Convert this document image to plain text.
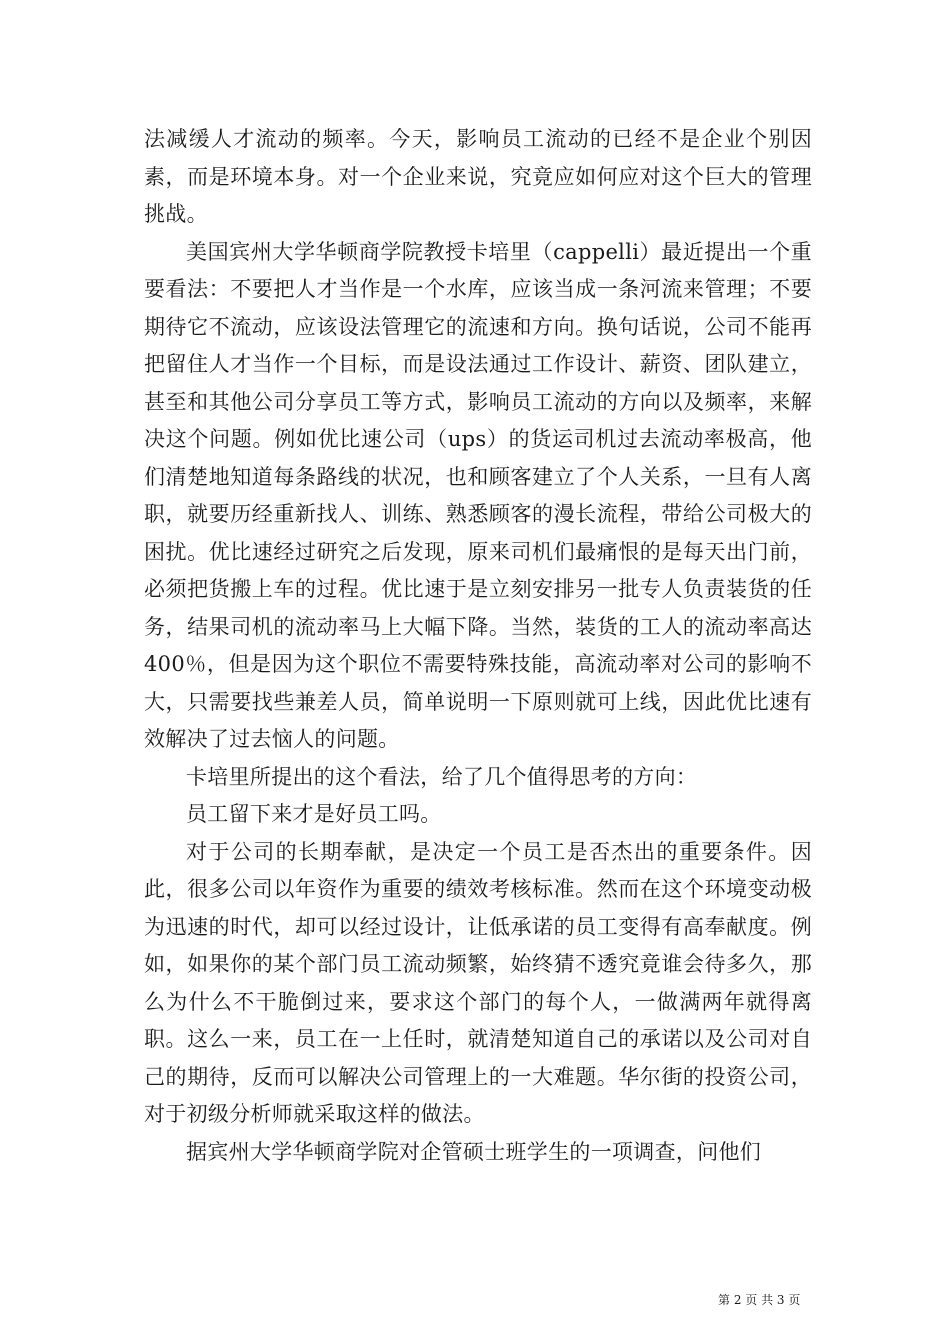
法减缓人才流动的频率。今天，影响员工流动的已经不是企业个别因素，而是环境本身。对一个企业来说，究竟应如何应对这个巨大的管理挑战。

美国宾州大学华顿商学院教授卡培里（cappelli）最近提出一个重要看法：不要把人才当作是一个水库，应该当成一条河流来管理；不要期待它不流动，应该设法管理它的流速和方向。换句话说，公司不能再把留住人才当作一个目标，而是设法通过工作设计、薪资、团队建立，甚至和其他公司分享员工等方式，影响员工流动的方向以及频率，来解决这个问题。例如优比速公司（ups）的货运司机过去流动率极高，他们清楚地知道每条路线的状况，也和顾客建立了个人关系，一旦有人离职，就要历经重新找人、训练、熟悉顾客的漫长流程，带给公司极大的困扰。优比速经过研究之后发现，原来司机们最痛恨的是每天出门前，必须把货搬上车的过程。优比速于是立刻安排另一批专人负责装货的任务，结果司机的流动率马上大幅下降。当然，装货的工人的流动率高达400％，但是因为这个职位不需要特殊技能，高流动率对公司的影响不大，只需要找些兼差人员，简单说明一下原则就可上线，因此优比速有效解决了过去恼人的问题。

卡培里所提出的这个看法，给了几个值得思考的方向：

员工留下来才是好员工吗。

对于公司的长期奉献，是决定一个员工是否杰出的重要条件。因此，很多公司以年资作为重要的绩效考核标准。然而在这个环境变动极为迅速的时代，却可以经过设计，让低承诺的员工变得有高奉献度。例如，如果你的某个部门员工流动频繁，始终猜不透究竟谁会待多久，那么为什么不干脆倒过来，要求这个部门的每个人，一做满两年就得离职。这么一来，员工在一上任时，就清楚知道自己的承诺以及公司对自己的期待，反而可以解决公司管理上的一大难题。华尔街的投资公司，对于初级分析师就采取这样的做法。

据宾州大学华顿商学院对企管硕士班学生的一项调查，问他们

第 2 页 共 3 页
